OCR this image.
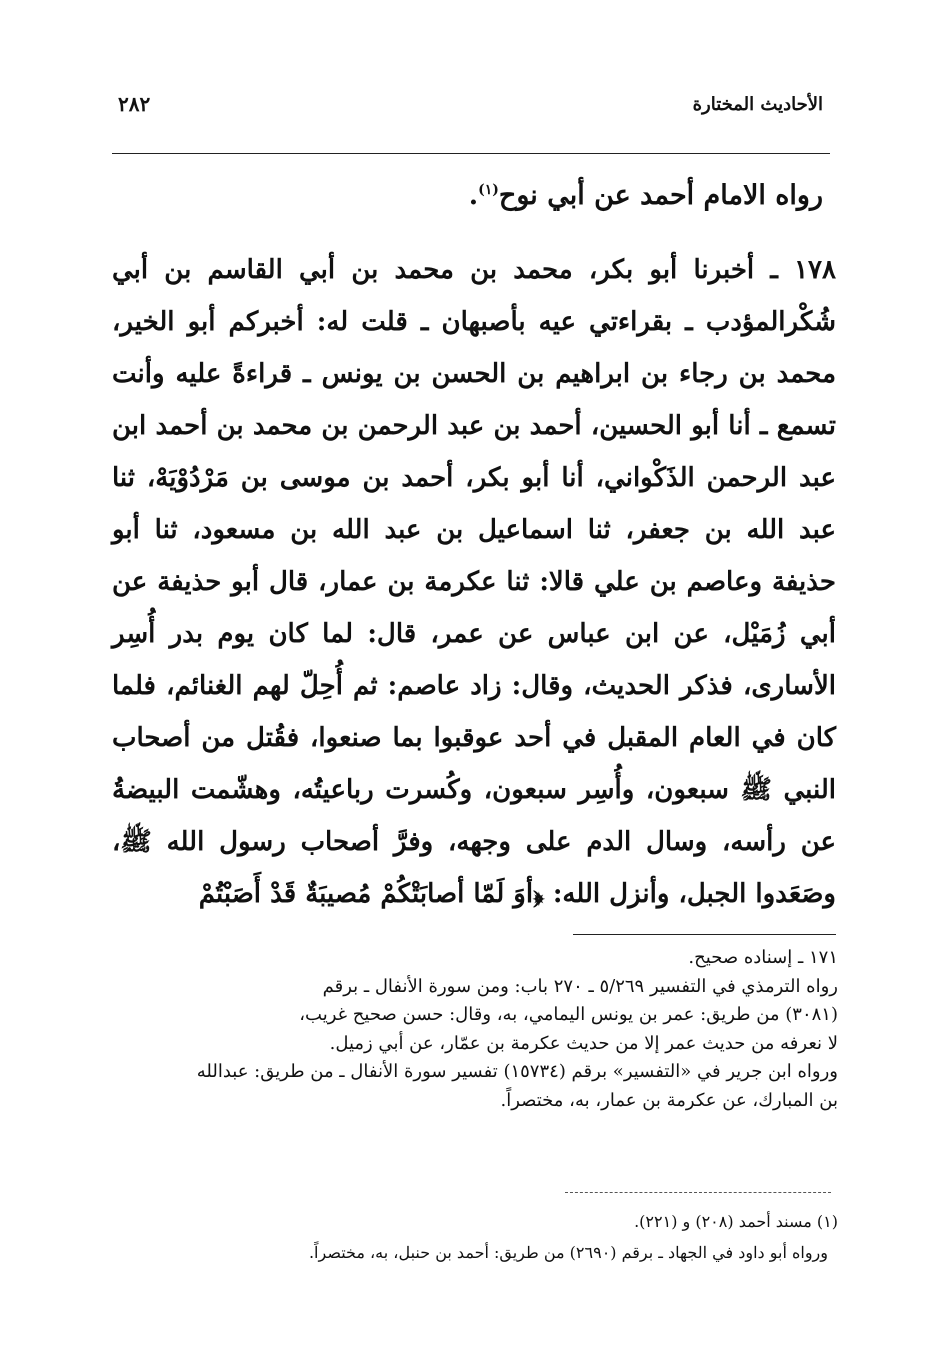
٢٨٢	الأحاديث المختارة
رواه الامام أحمد عن أبي نوح$^{(١)}$.

١٧٨ ـ أخبرنا أبو بكر، محمد بن محمد بن أبي القاسم بن أبي شُكْرالمؤدب ـ بقراءتي عيه بأصبهان ـ قلت له: أخبركم أبو الخير، محمد بن رجاء بن ابراهيم بن الحسن بن يونس ـ قراءةً عليه وأنت تسمع ـ أنا أبو الحسين، أحمد بن عبد الرحمن بن محمد بن أحمد ابن عبد الرحمن الذَكْواني، أنا أبو بكر، أحمد بن موسى بن مَرْدُوْيَهْ، ثنا عبد الله بن جعفر، ثنا اسماعيل بن عبد الله بن مسعود، ثنا أبو حذيفة وعاصم بن علي قالا: ثنا عكرمة بن عمار، قال أبو حذيفة عن أبي زُمَيْل، عن ابن عباس عن عمر، قال: لما كان يوم بدر أُسِر الأسارى، فذكر الحديث، وقال: زاد عاصم: ثم أُحِلّ لهم الغنائم، فلما كان في العام المقبل في أحد عوقبوا بما صنعوا، فقُتل من أصحاب النبي ﷺ سبعون، وأُسِر سبعون، وكُسرت رباعيتُه، وهشّمت البيضةُ عن رأسه، وسال الدم على وجهه، وفرَّ أصحاب رسول الله ﷺ، وصَعَدوا الجبل، وأنزل الله: ﴿أوَ لَمّا أصابَتْكُمْ مُصيبَةٌ قَدْ أَصَبْتُمْ

١٧١ ـ إسناده صحيح.

رواه الترمذي في التفسير ٥/٢٦٩ ـ ٢٧٠ باب: ومن سورة الأنفال ـ برقم

(٣٠٨١) من طريق: عمر بن يونس اليمامي، به، وقال: حسن صحيح غريب،

لا نعرفه من حديث عمر إلا من حديث عكرمة بن عمّار، عن أبي زميل.

ورواه ابن جرير في «التفسير» برقم (١٥٧٣٤) تفسير سورة الأنفال ـ من طريق: عبدالله

بن المبارك، عن عكرمة بن عمار، به، مختصراً.

(١) مسند أحمد (٢٠٨) و (٢٢١).

ورواه أبو داود في الجهاد ـ برقم (٢٦٩٠) من طريق: أحمد بن حنبل، به، مختصراً.
